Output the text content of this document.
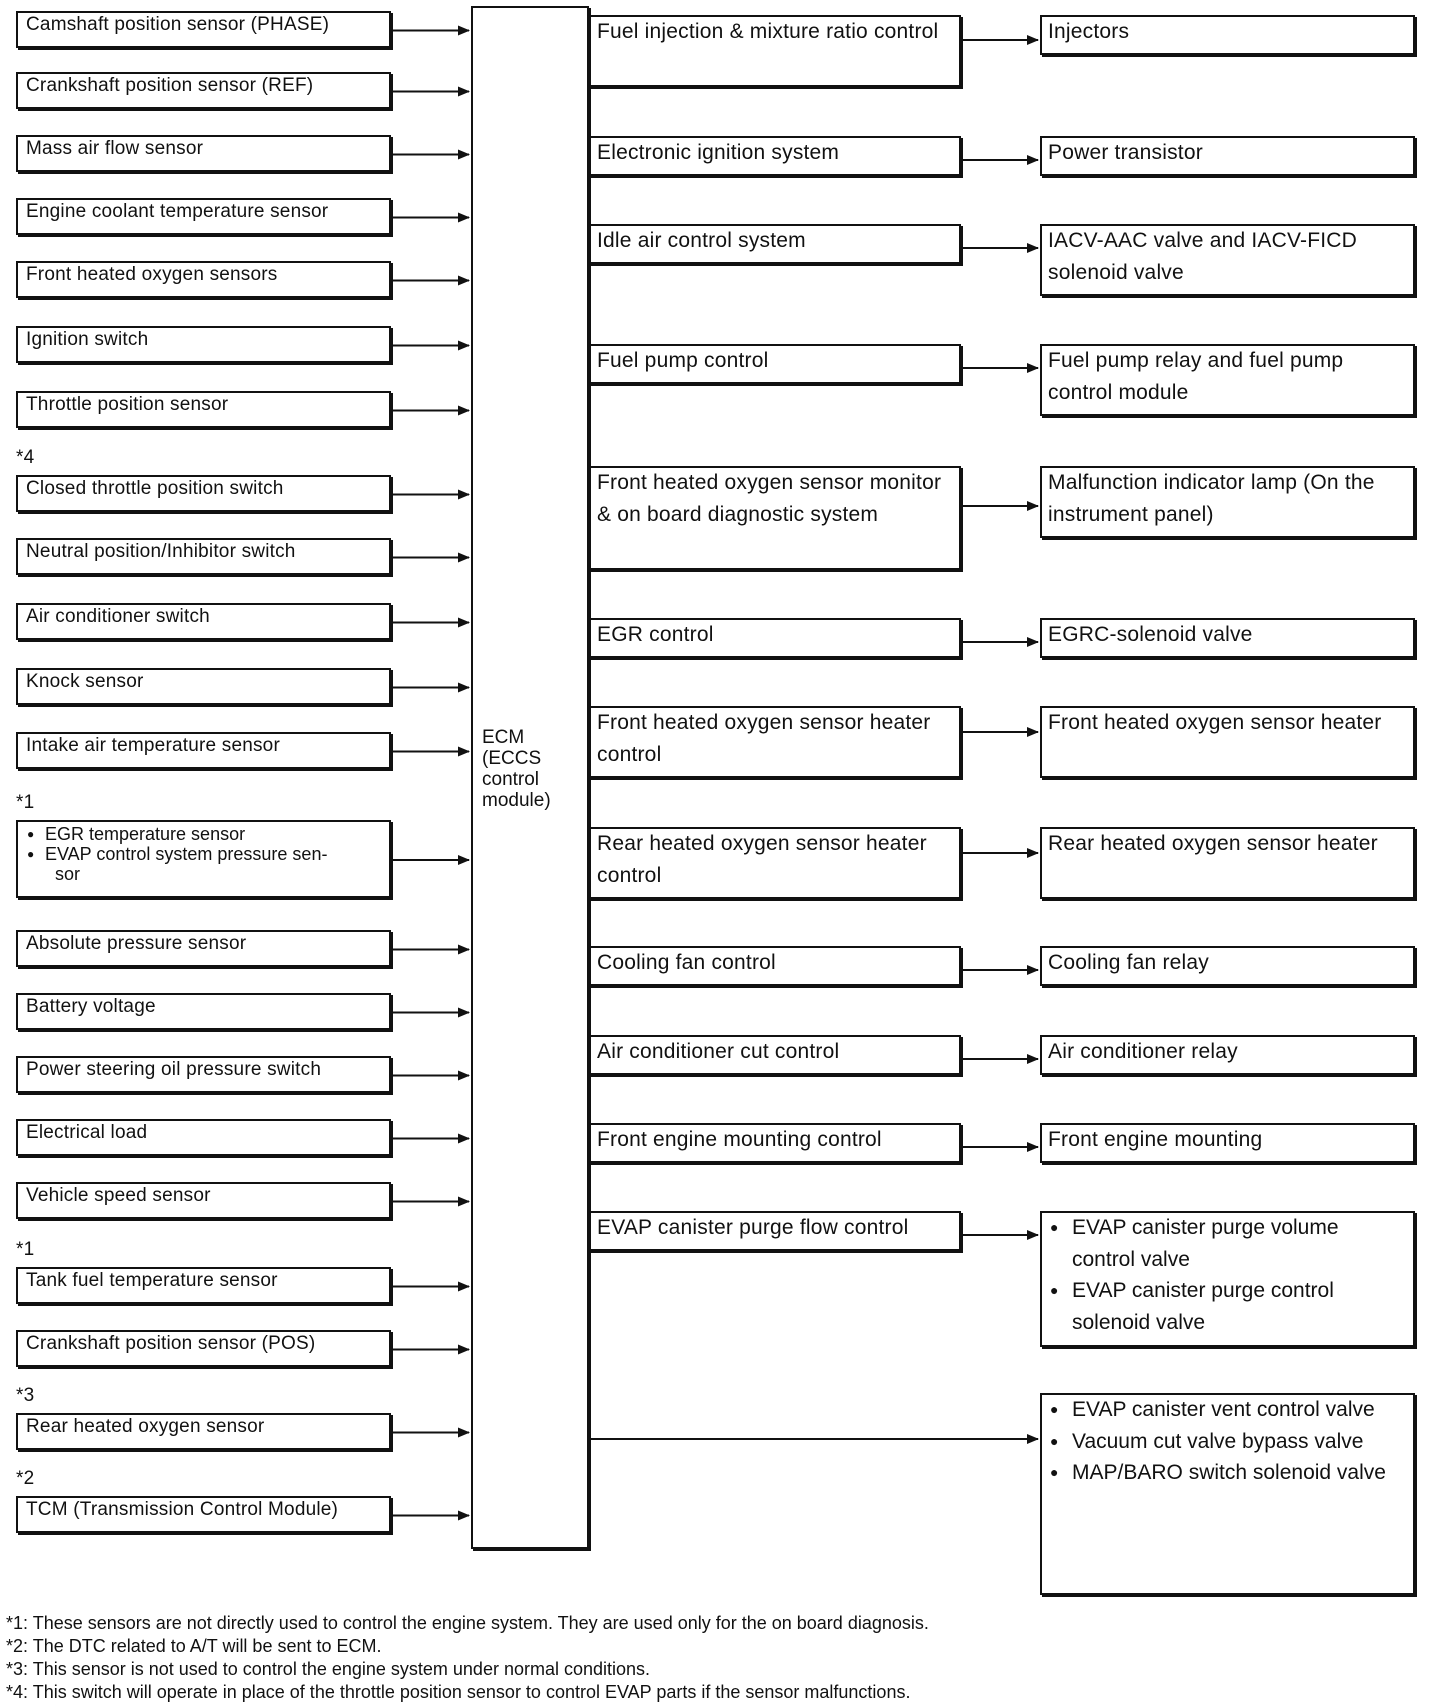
ECM
(ECCS
control
module)
*1: These sensors are not directly used to control the engine system. They are used only for the on board diagnosis.
*2: The DTC related to A/T will be sent to ECM.
*3: This sensor is not used to control the engine system under normal conditions.
*4: This switch will operate in place of the throttle position sensor to control EVAP parts if the sensor malfunctions.
Camshaft position sensor (PHASE)
Crankshaft position sensor (REF)
Mass air flow sensor
Engine coolant temperature sensor
Front heated oxygen sensors
Ignition switch
Throttle position sensor
*4
Closed throttle position switch
Neutral position/Inhibitor switch
Air conditioner switch
Knock sensor
Intake air temperature sensor
*1
● EGR temperature sensor
● EVAP control system pressure sen-
sor
Absolute pressure sensor
Battery voltage
Power steering oil pressure switch
Electrical load
Vehicle speed sensor
*1
Tank fuel temperature sensor
Crankshaft position sensor (POS)
*3
Rear heated oxygen sensor
*2
TCM (Transmission Control Module)
Fuel injection & mixture ratio control
Electronic ignition system
Idle air control system
Fuel pump control
Front heated oxygen sensor monitor & on board diagnostic system
EGR control
Front heated oxygen sensor heater control
Rear heated oxygen sensor heater control
Cooling fan control
Air conditioner cut control
Front engine mounting control
EVAP canister purge flow control
Injectors
Power transistor
IACV-AAC valve and IACV-FICD solenoid valve
Fuel pump relay and fuel pump control module
Malfunction indicator lamp (On the instrument panel)
EGRC-solenoid valve
Front heated oxygen sensor heater
Rear heated oxygen sensor heater
Cooling fan relay
Air conditioner relay
Front engine mounting
● EVAP canister purge volume control valve
● EVAP canister purge control solenoid valve
● EVAP canister vent control valve
● Vacuum cut valve bypass valve
● MAP/BARO switch solenoid valve
